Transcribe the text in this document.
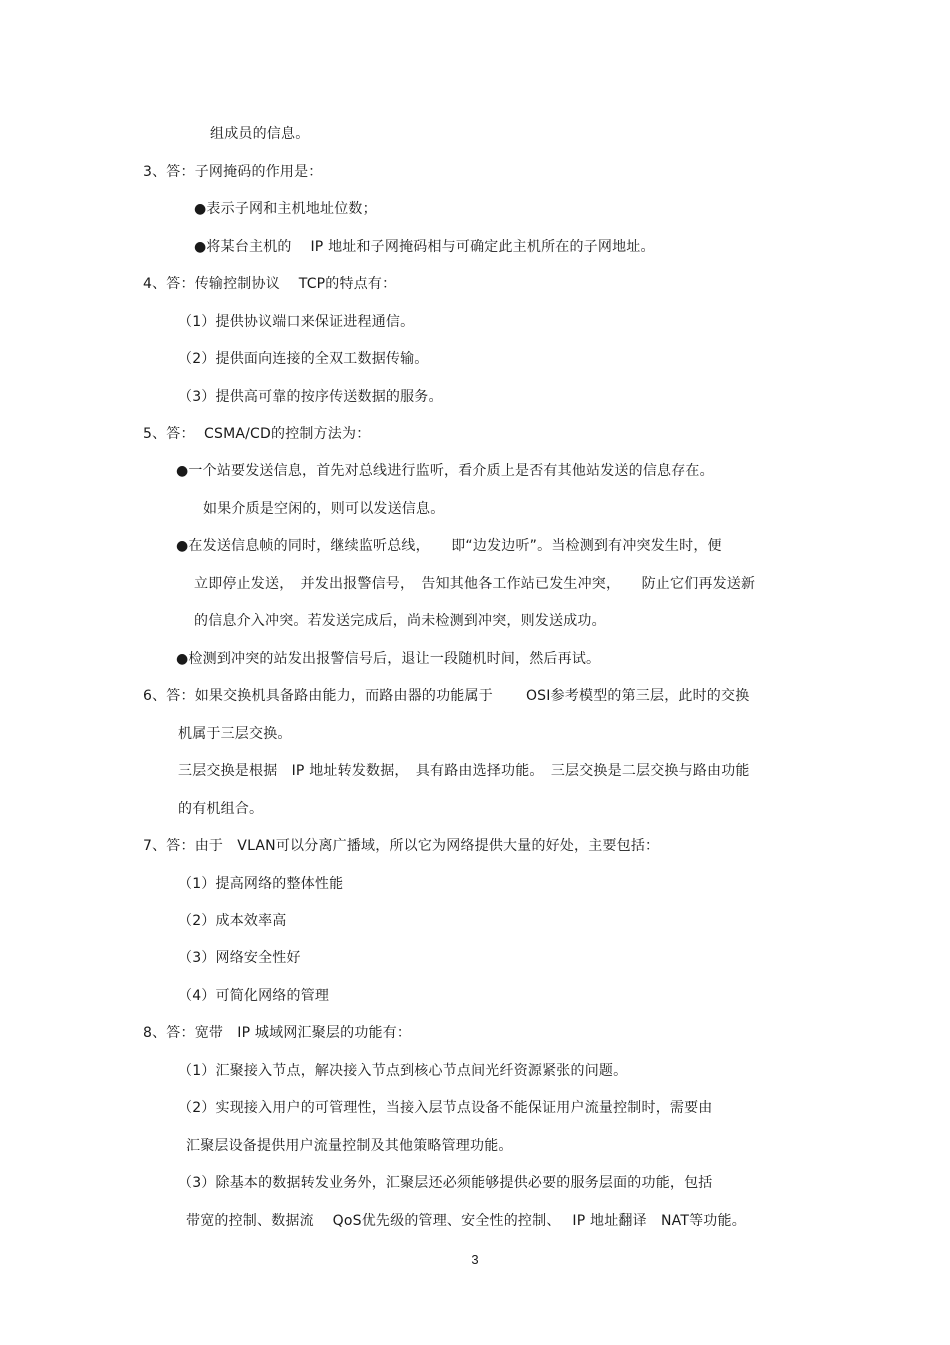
组成员的信息。
3、答：子网掩码的作用是：
●表示子网和主机地址位数；
●将某台主机的　 IP 地址和子网掩码相与可确定此主机所在的子网地址。
4、答：传输控制协议　 TCP的特点有：
（1）提供协议端口来保证进程通信。
（2）提供面向连接的全双工数据传输。
（3）提供高可靠的按序传送数据的服务。
5、答：  CSMA/CD的控制方法为：
●一个站要发送信息，首先对总线进行监听，看介质上是否有其他站发送的信息存在。
如果介质是空闲的，则可以发送信息。
●在发送信息帧的同时，继续监听总线，　　即“边发边听”。当检测到有冲突发生时，便
立即停止发送，　并发出报警信号，　告知其他各工作站已发生冲突，　　防止它们再发送新
的信息介入冲突。若发送完成后，尚未检测到冲突，则发送成功。
●检测到冲突的站发出报警信号后，退让一段随机时间，然后再试。
6、答：如果交换机具备路由能力，而路由器的功能属于　　 OSI参考模型的第三层，此时的交换
机属于三层交换。
三层交换是根据　IP 地址转发数据，　具有路由选择功能。　三层交换是二层交换与路由功能
的有机组合。
7、答：由于　VLAN可以分离广播域，所以它为网络提供大量的好处，主要包括：
（1）提高网络的整体性能
（2）成本效率高
（3）网络安全性好
（4）可简化网络的管理
8、答：宽带　IP 城域网汇聚层的功能有：
（1）汇聚接入节点，解决接入节点到核心节点间光纤资源紧张的问题。
（2）实现接入用户的可管理性，当接入层节点设备不能保证用户流量控制时，需要由
汇聚层设备提供用户流量控制及其他策略管理功能。
（3）除基本的数据转发业务外，汇聚层还必须能够提供必要的服务层面的功能，包括
带宽的控制、数据流　 QoS优先级的管理、安全性的控制、　 IP 地址翻译　NAT等功能。
3
